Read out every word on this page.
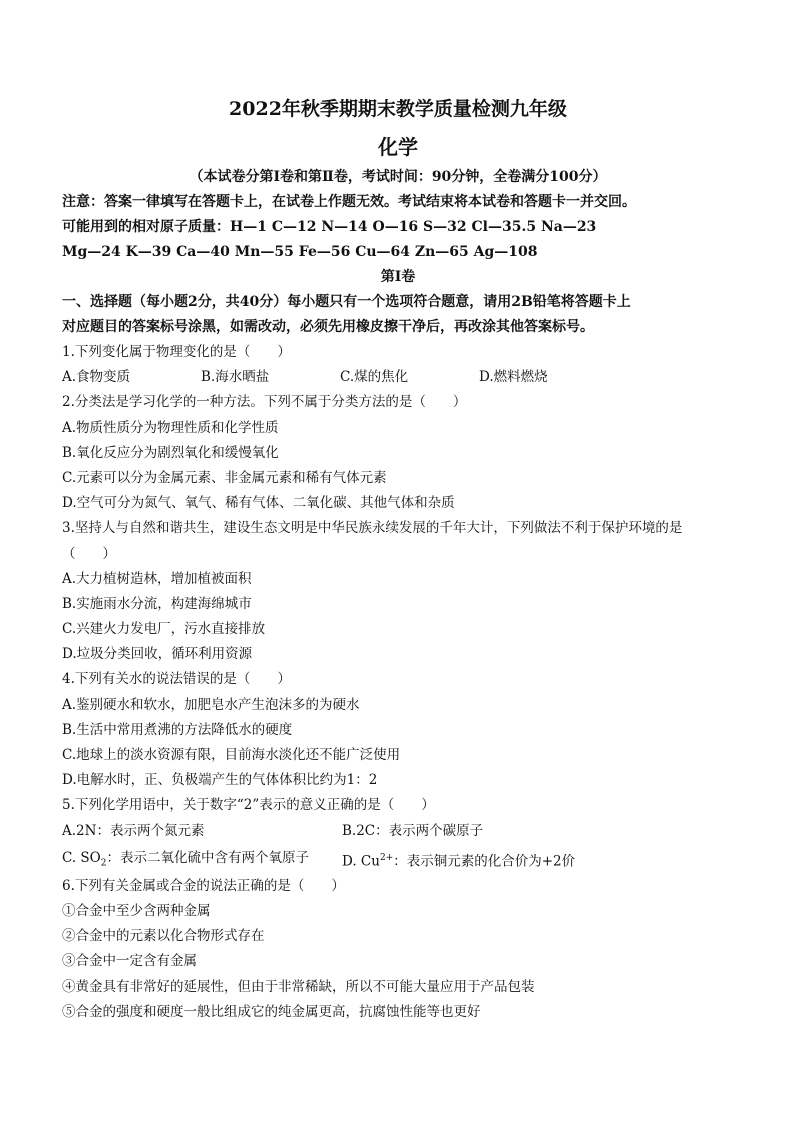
2022年秋季期期末教学质量检测九年级
化学
（本试卷分第Ⅰ卷和第Ⅱ卷，考试时间：90分钟，全卷满分100分）
注意：答案一律填写在答题卡上，在试卷上作题无效。考试结束将本试卷和答题卡一并交回。
可能用到的相对原子质量：H—1 C—12 N—14 O—16 S—32 Cl—35.5 Na—23
Mg—24 K—39 Ca—40 Mn—55 Fe—56 Cu—64 Zn—65 Ag—108
第Ⅰ卷
一、选择题（每小题2分，共40分）每小题只有一个选项符合题意，请用2B铅笔将答题卡上
对应题目的答案标号涂黑，如需改动，必须先用橡皮擦干净后，再改涂其他答案标号。
1.下列变化属于物理变化的是（　　）
A.食物变质	B.海水晒盐	C.煤的焦化	D.燃料燃烧
2.分类法是学习化学的一种方法。下列不属于分类方法的是（　　）
A.物质性质分为物理性质和化学性质
B.氧化反应分为剧烈氧化和缓慢氧化
C.元素可以分为金属元素、非金属元素和稀有气体元素
D.空气可分为氮气、氧气、稀有气体、二氧化碳、其他气体和杂质
3.坚持人与自然和谐共生，建设生态文明是中华民族永续发展的千年大计，下列做法不利于保护环境的是
（　　）
A.大力植树造林，增加植被面积
B.实施雨水分流，构建海绵城市
C.兴建火力发电厂，污水直接排放
D.垃圾分类回收，循环利用资源
4.下列有关水的说法错误的是（　　）
A.鉴别硬水和软水，加肥皂水产生泡沫多的为硬水
B.生活中常用煮沸的方法降低水的硬度
C.地球上的淡水资源有限，目前海水淡化还不能广泛使用
D.电解水时，正、负极端产生的气体体积比约为1：2
5.下列化学用语中，关于数字“2”表示的意义正确的是（　　）
A.2N：表示两个氮元素	B.2C：表示两个碳原子
C. $SO_2$：表示二氧化硫中含有两个氧原子	D. $Cu^{2+}$：表示铜元素的化合价为+2价
6.下列有关金属或合金的说法正确的是（　　）
①合金中至少含两种金属
②合金中的元素以化合物形式存在
③合金中一定含有金属
④黄金具有非常好的延展性，但由于非常稀缺，所以不可能大量应用于产品包装
⑤合金的强度和硬度一般比组成它的纯金属更高，抗腐蚀性能等也更好
